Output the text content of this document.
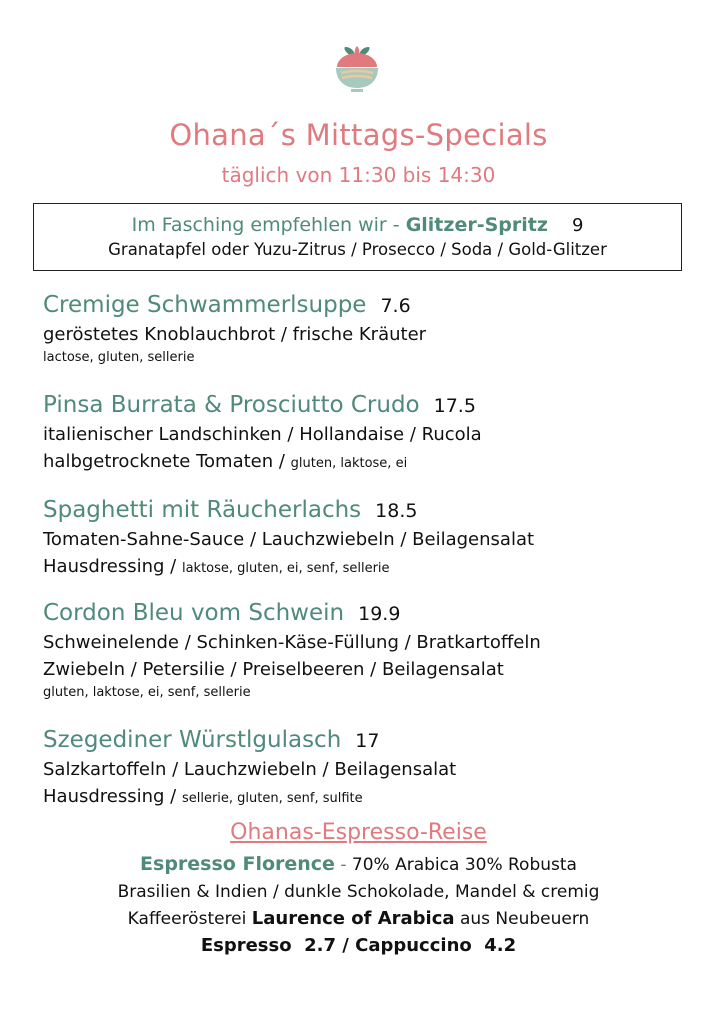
Ohana´s Mittags-Specials
täglich von 11:30 bis 14:30
Im Fasching empfehlen wir - Glitzer-Spritz 9
Granatapfel oder Yuzu-Zitrus / Prosecco / Soda / Gold-Glitzer
Cremige Schwammerlsuppe 7.6
geröstetes Knoblauchbrot / frische Kräuter
lactose, gluten, sellerie
Pinsa Burrata & Prosciutto Crudo 17.5
italienischer Landschinken / Hollandaise / Rucola
halbgetrocknete Tomaten / gluten, laktose, ei
Spaghetti mit Räucherlachs 18.5
Tomaten-Sahne-Sauce / Lauchzwiebeln / Beilagensalat
Hausdressing / laktose, gluten, ei, senf, sellerie
Cordon Bleu vom Schwein 19.9
Schweinelende / Schinken-Käse-Füllung / Bratkartoffeln
Zwiebeln / Petersilie / Preiselbeeren / Beilagensalat
gluten, laktose, ei, senf, sellerie
Szegediner Würstlgulasch 17
Salzkartoffeln / Lauchzwiebeln / Beilagensalat
Hausdressing / sellerie, gluten, senf, sulfite
Ohanas-Espresso-Reise
Espresso Florence - 70% Arabica 30% Robusta
Brasilien & Indien / dunkle Schokolade, Mandel & cremig
Kaffeerösterei Laurence of Arabica aus Neubeuern
Espresso  2.7 / Cappuccino  4.2
